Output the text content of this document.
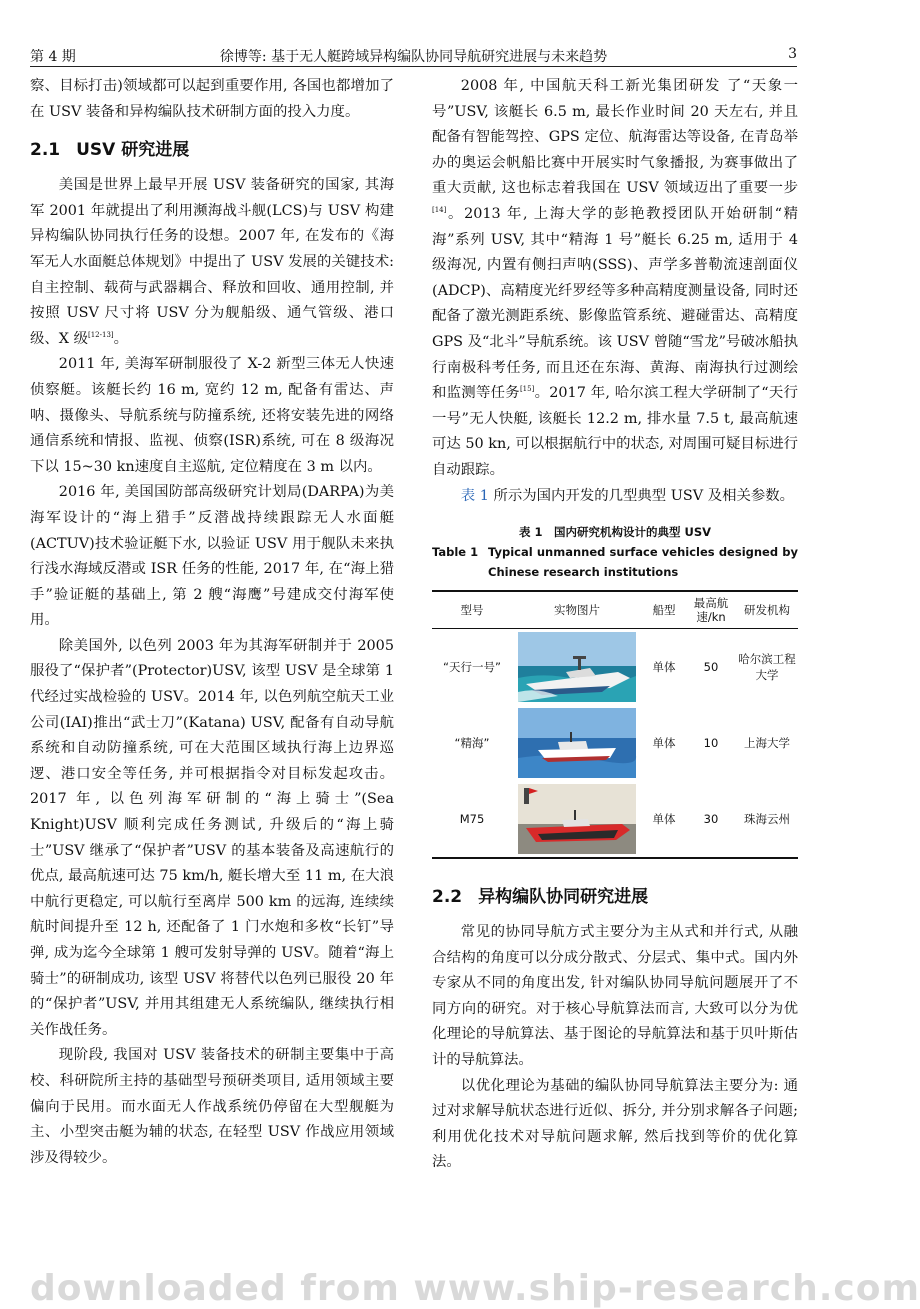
第 4 期	徐博等: 基于无人艇跨域异构编队协同导航研究进展与未来趋势	3

察、目标打击)领域都可以起到重要作用, 各国也都增加了在 USV 装备和异构编队技术研制方面的投入力度。

2.1 USV 研究进展

美国是世界上最早开展 USV 装备研究的国家, 其海军 2001 年就提出了利用濒海战斗舰(LCS)与 USV 构建异构编队协同执行任务的设想。2007 年, 在发布的《海军无人水面艇总体规划》中提出了 USV 发展的关键技术: 自主控制、载荷与武器耦合、释放和回收、通用控制, 并按照 USV 尺寸将 USV 分为舰船级、通气管级、港口级、X 级[12-13]。

2011 年, 美海军研制服役了 X-2 新型三体无人快速侦察艇。该艇长约 16 m, 宽约 12 m, 配备有雷达、声呐、摄像头、导航系统与防撞系统, 还将安装先进的网络通信系统和情报、监视、侦察(ISR)系统, 可在 8 级海况下以 15~30 kn速度自主巡航, 定位精度在 3 m 以内。

2016 年, 美国国防部高级研究计划局(DARPA)为美海军设计的“海上猎手”反潜战持续跟踪无人水面艇(ACTUV)技术验证艇下水, 以验证 USV 用于舰队未来执行浅水海域反潜或 ISR 任务的性能, 2017 年, 在“海上猎手”验证艇的基础上, 第 2 艘“海鹰”号建成交付海军使用。

除美国外, 以色列 2003 年为其海军研制并于 2005 服役了“保护者”(Protector)USV, 该型 USV 是全球第 1 代经过实战检验的 USV。2014 年, 以色列航空航天工业公司(IAI)推出“武士刀”(Katana) USV, 配备有自动导航系统和自动防撞系统, 可在大范围区域执行海上边界巡逻、港口安全等任务, 并可根据指令对目标发起攻击。2017 年, 以色列海军研制的“海上骑士”(Sea Knight)USV 顺利完成任务测试, 升级后的“海上骑士”USV 继承了“保护者”USV 的基本装备及高速航行的优点, 最高航速可达 75 km/h, 艇长增大至 11 m, 在大浪中航行更稳定, 可以航行至离岸 500 km 的远海, 连续续航时间提升至 12 h, 还配备了 1 门水炮和多枚“长钉”导弹, 成为迄今全球第 1 艘可发射导弹的 USV。随着“海上骑士”的研制成功, 该型 USV 将替代以色列已服役 20 年的“保护者”USV, 并用其组建无人系统编队, 继续执行相关作战任务。

现阶段, 我国对 USV 装备技术的研制主要集中于高校、科研院所主持的基础型号预研类项目, 适用领域主要偏向于民用。而水面无人作战系统仍停留在大型舰艇为主、小型突击艇为辅的状态, 在轻型 USV 作战应用领域涉及得较少。

2008 年, 中国航天科工新光集团研发 了“天象一号”USV, 该艇长 6.5 m, 最长作业时间 20 天左右, 并且配备有智能驾控、GPS 定位、航海雷达等设备, 在青岛举办的奥运会帆船比赛中开展实时气象播报, 为赛事做出了重大贡献, 这也标志着我国在 USV 领域迈出了重要一步[14]。2013 年, 上海大学的彭艳教授团队开始研制“精海”系列 USV, 其中“精海 1 号”艇长 6.25 m, 适用于 4 级海况, 内置有侧扫声呐(SSS)、声学多普勒流速剖面仪(ADCP)、高精度光纤罗经等多种高精度测量设备, 同时还配备了激光测距系统、影像监管系统、避碰雷达、高精度 GPS 及“北斗”导航系统。该 USV 曾随“雪龙”号破冰船执行南极科考任务, 而且还在东海、黄海、南海执行过测绘和监测等任务[15]。2017 年, 哈尔滨工程大学研制了“天行一号”无人快艇, 该艇长 12.2 m, 排水量 7.5 t, 最高航速可达 50 kn, 可以根据航行中的状态, 对周围可疑目标进行自动跟踪。

表 1 所示为国内开发的几型典型 USV 及相关参数。

表 1　国内研究机构设计的典型 USV
Table 1 Typical unmanned surface vehicles designed by Chinese research institutions
型号	实物图片	船型	最高航速/kn	研发机构
“天行一号”		单体	50	哈尔滨工程大学
“精海”		单体	10	上海大学
M75		单体	30	珠海云州
2.2 异构编队协同研究进展

常见的协同导航方式主要分为主从式和并行式, 从融合结构的角度可以分成分散式、分层式、集中式。国内外专家从不同的角度出发, 针对编队协同导航问题展开了不同方向的研究。对于核心导航算法而言, 大致可以分为优化理论的导航算法、基于图论的导航算法和基于贝叶斯估计的导航算法。

以优化理论为基础的编队协同导航算法主要分为: 通过对求解导航状态进行近似、拆分, 并分别求解各子问题; 利用优化技术对导航问题求解, 然后找到等价的优化算法。

downloaded from www.ship-research.com
